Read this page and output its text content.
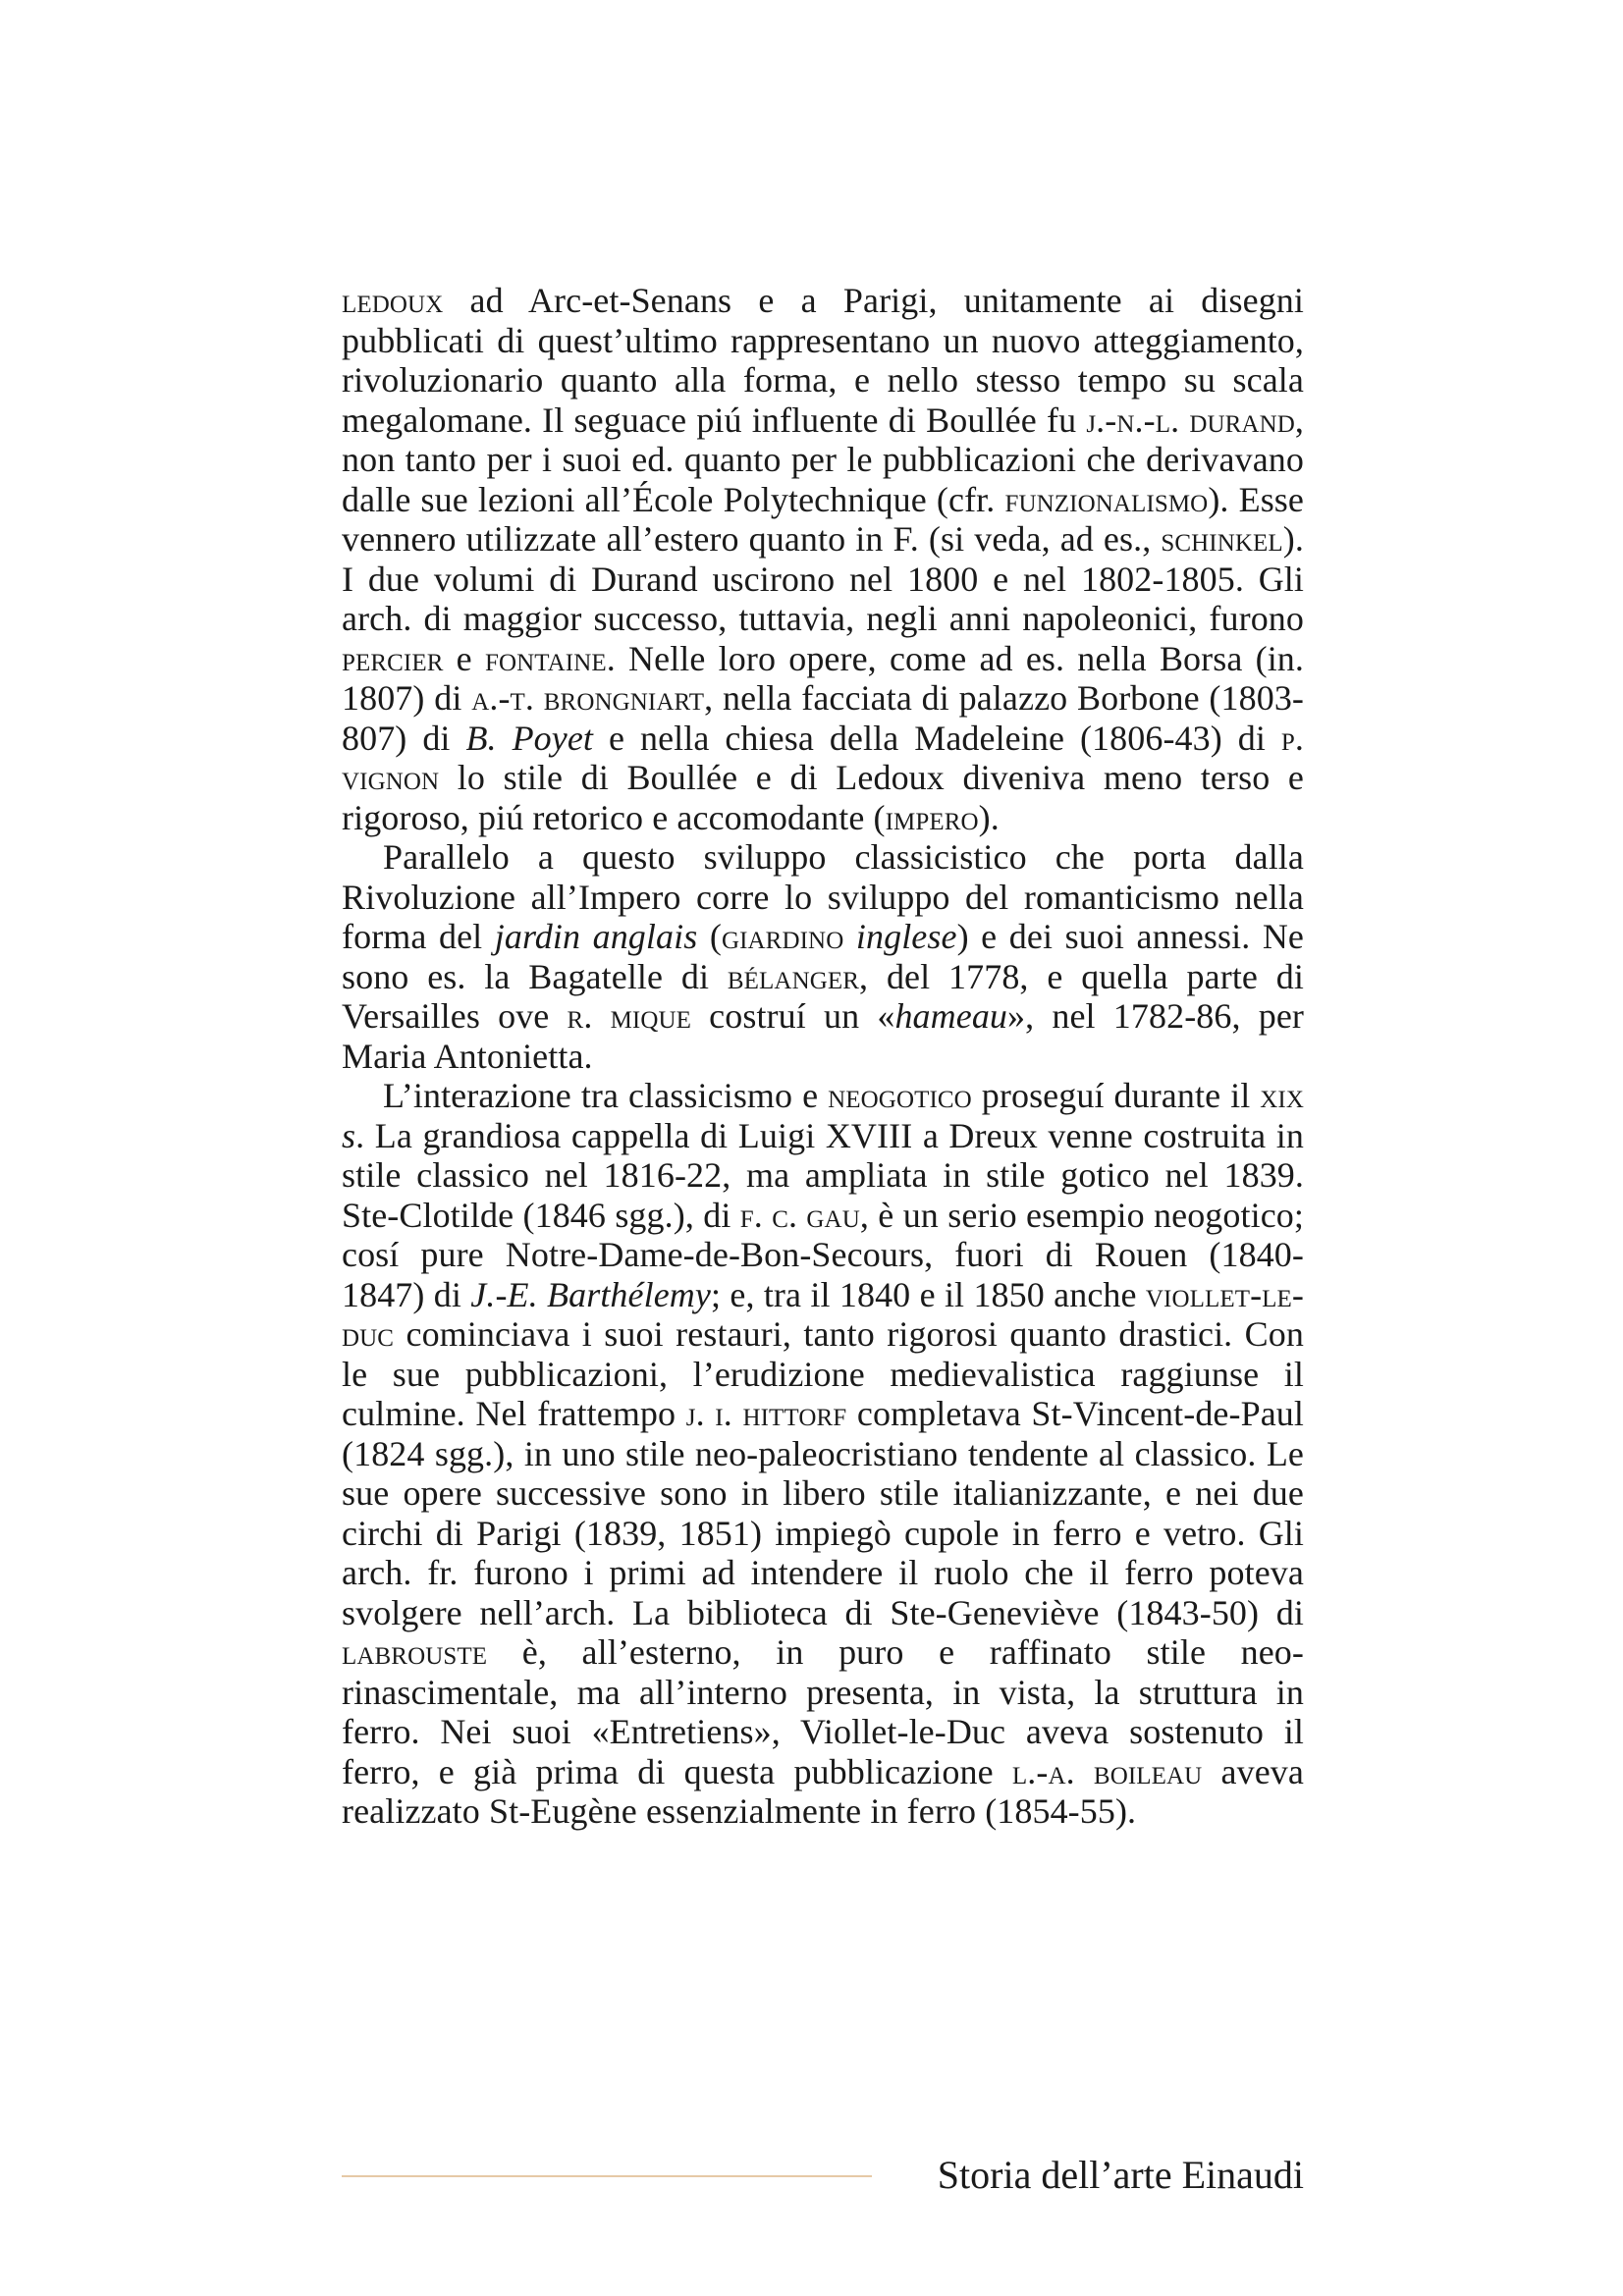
ledoux ad Arc-et-Senans e a Parigi, unitamente ai disegni pubblicati di quest’ultimo rappresentano un nuovo atteggiamento, rivoluzionario quanto alla forma, e nello stesso tempo su scala megalomane. Il seguace piú influente di Boullée fu j.-n.-l. durand, non tanto per i suoi ed. quanto per le pubblicazioni che derivavano dalle sue lezioni all’École Polytechnique (cfr. funzionalismo). Esse vennero utilizzate all’estero quanto in F. (si veda, ad es., schinkel). I due volumi di Durand uscirono nel 1800 e nel 1802-1805. Gli arch. di maggior successo, tuttavia, negli anni napoleonici, furono percier e fontaine. Nelle loro opere, come ad es. nella Borsa (in. 1807) di a.-t. brongniart, nella facciata di palazzo Borbone (1803-807) di B. Poyet e nella chiesa della Madeleine (1806-43) di p. vignon lo stile di Boullée e di Ledoux diveniva meno terso e rigoroso, piú retorico e accomodante (impero).

Parallelo a questo sviluppo classicistico che porta dalla Rivoluzione all’Impero corre lo sviluppo del romanticismo nella forma del jardin anglais (giardino inglese) e dei suoi annessi. Ne sono es. la Bagatelle di bélanger, del 1778, e quella parte di Versailles ove r. mique costruí un «hameau», nel 1782-86, per Maria Antonietta.

L’interazione tra classicismo e neogotico proseguí durante il xix s. La grandiosa cappella di Luigi XVIII a Dreux venne costruita in stile classico nel 1816-22, ma ampliata in stile gotico nel 1839. Ste-Clotilde (1846 sgg.), di f. c. gau, è un serio esempio neogotico; cosí pure Notre-Dame-de-Bon-Secours, fuori di Rouen (1840-1847) di J.-E. Barthélemy; e, tra il 1840 e il 1850 anche viollet-le-duc cominciava i suoi restauri, tanto rigorosi quanto drastici. Con le sue pubblicazioni, l’erudizione medievalistica raggiunse il culmine. Nel frattempo j. i. hittorf completava St-Vincent-de-Paul (1824 sgg.), in uno stile neo-paleocristiano tendente al classico. Le sue opere successive sono in libero stile italianizzante, e nei due circhi di Parigi (1839, 1851) impiegò cupole in ferro e vetro. Gli arch. fr. furono i primi ad intendere il ruolo che il ferro poteva svolgere nell’arch. La biblioteca di Ste-Geneviève (1843-50) di labrouste è, all’esterno, in puro e raffinato stile neo-rinascimentale, ma all’interno presenta, in vista, la struttura in ferro. Nei suoi «Entretiens», Viollet-le-Duc aveva sostenuto il ferro, e già prima di questa pubblicazione l.-a. boileau aveva realizzato St-Eugène essenzialmente in ferro (1854-55).

Storia dell’arte Einaudi
